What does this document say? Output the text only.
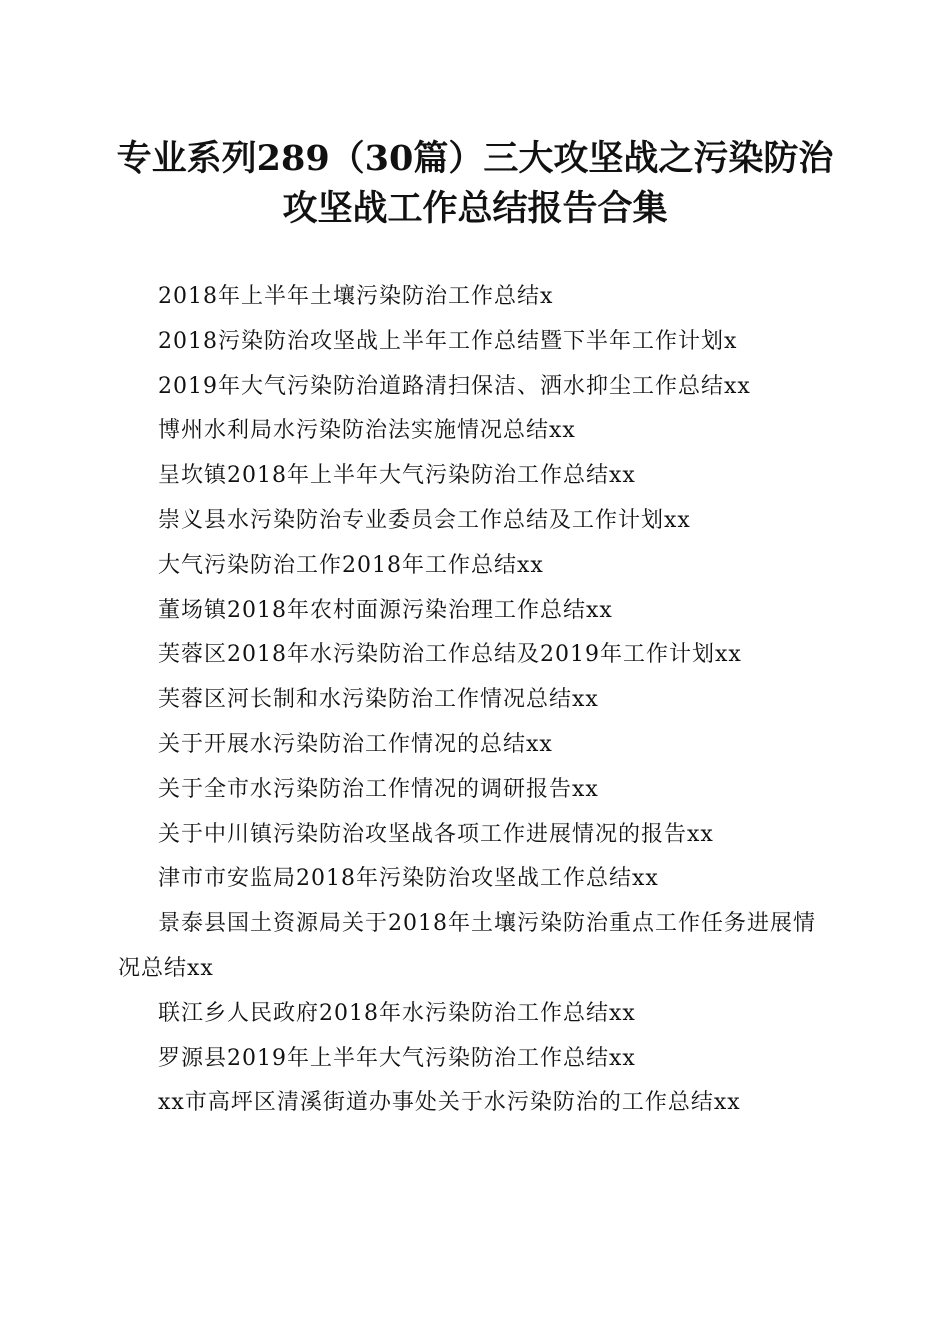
专业系列289（30篇）三大攻坚战之污染防治
攻坚战工作总结报告合集
2018年上半年土壤污染防治工作总结x
2018污染防治攻坚战上半年工作总结暨下半年工作计划x
2019年大气污染防治道路清扫保洁、洒水抑尘工作总结xx
博州水利局水污染防治法实施情况总结xx
呈坎镇2018年上半年大气污染防治工作总结xx
崇义县水污染防治专业委员会工作总结及工作计划xx
大气污染防治工作2018年工作总结xx
董场镇2018年农村面源污染治理工作总结xx
芙蓉区2018年水污染防治工作总结及2019年工作计划xx
芙蓉区河长制和水污染防治工作情况总结xx
关于开展水污染防治工作情况的总结xx
关于全市水污染防治工作情况的调研报告xx
关于中川镇污染防治攻坚战各项工作进展情况的报告xx
津市市安监局2018年污染防治攻坚战工作总结xx
景泰县国土资源局关于2018年土壤污染防治重点工作任务进展情况总结xx
联江乡人民政府2018年水污染防治工作总结xx
罗源县2019年上半年大气污染防治工作总结xx
xx市高坪区清溪街道办事处关于水污染防治的工作总结xx
